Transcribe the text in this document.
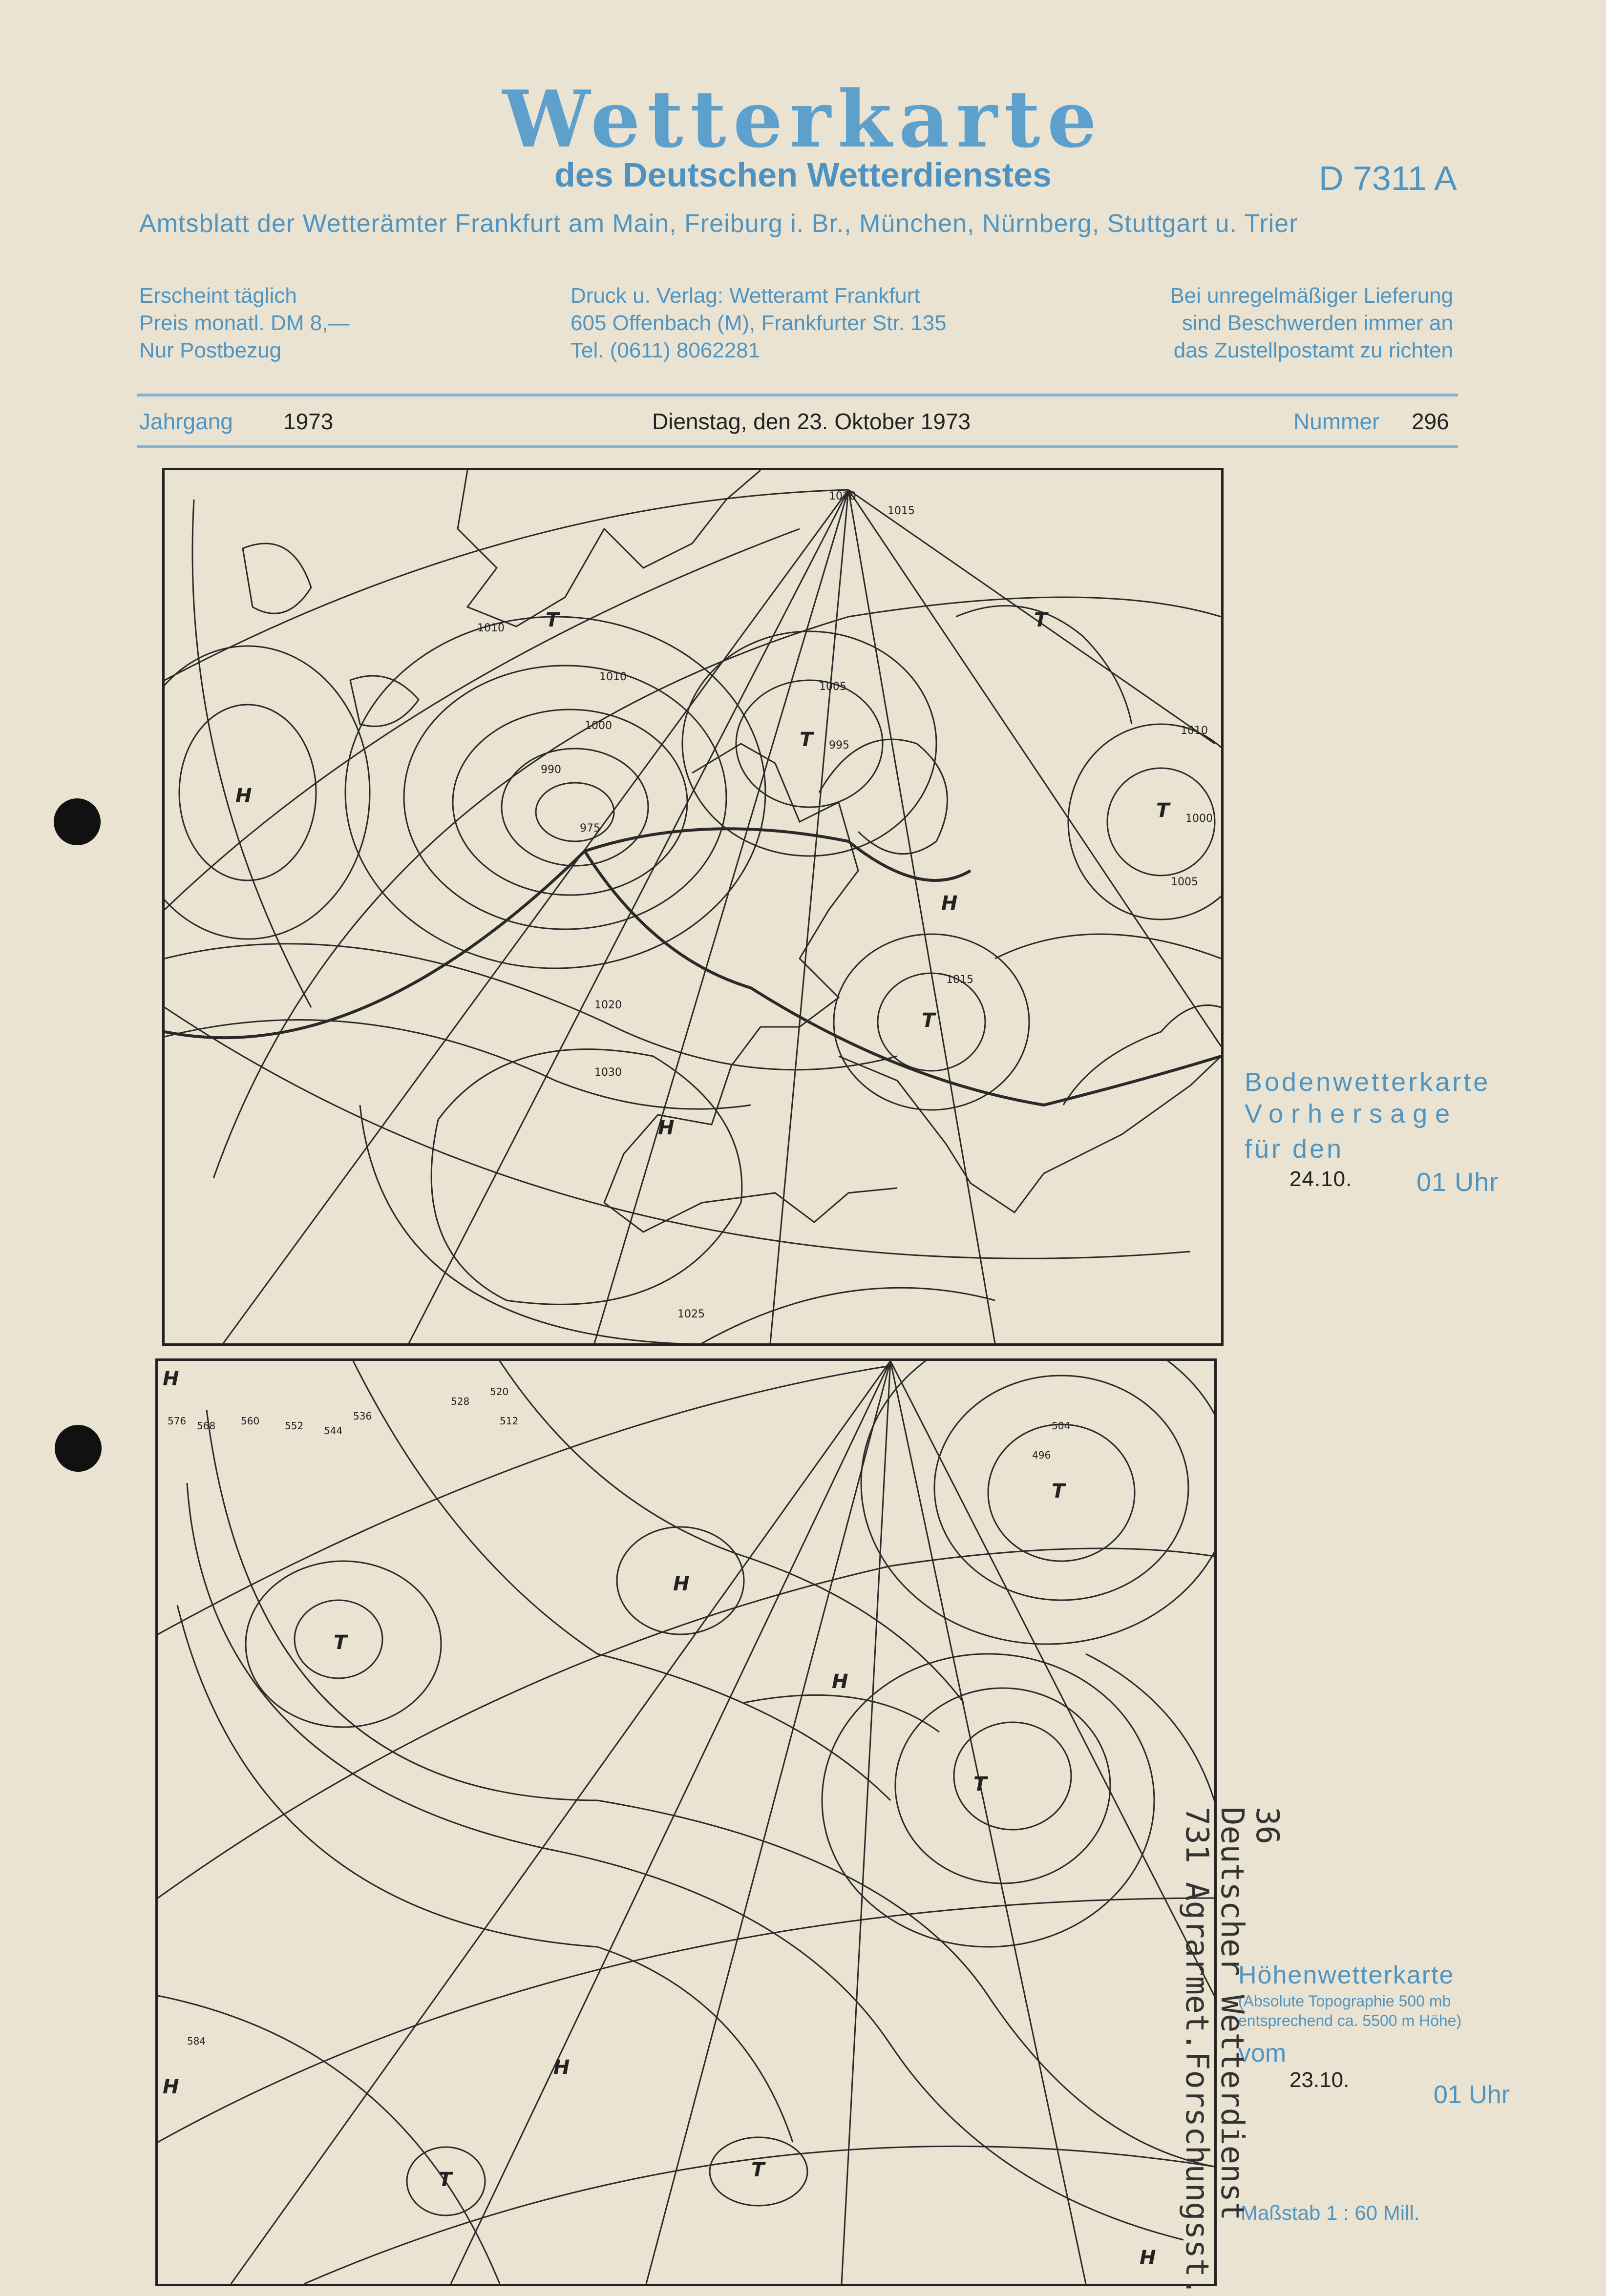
Wetterkarte
des Deutschen Wetterdienstes	D 7311 A
Amtsblatt der Wetterämter Frankfurt am Main, Freiburg i. Br., München, Nürnberg, Stuttgart u. Trier
Erscheint täglich
Preis monatl. DM 8,—
Nur Postbezug
Druck u. Verlag: Wetteramt Frankfurt
605 Offenbach (M), Frankfurter Str. 135
Tel. (0611) 8062281
Bei unregelmäßiger Lieferung
sind Beschwerden immer an
das Zustellpostamt zu richten
Jahrgang 1973	Dienstag, den 23. Oktober 1973	Nummer 296
H
T
T
T
T
T
H
H
1020
1015
1010
1005
1000
990
975
1030
1025
1020
1015
1010
1005
1000
995
1010
Bodenwetterkarte
Vorhersage
für den
24.10. 01 Uhr
H
T
H
T
H
T
T	T
H
H
H
576 568	560	552 544
536
528
520
512	504
496
584
Höhenwetterkarte
(Absolute Topographie 500 mb
entsprechend ca. 5500 m Höhe)
vom
23.10.
01 Uhr
Maßstab 1 : 60 Mill.
36
Deutscher Wetterdienst
731 Agrarmet.Forschungsst.
